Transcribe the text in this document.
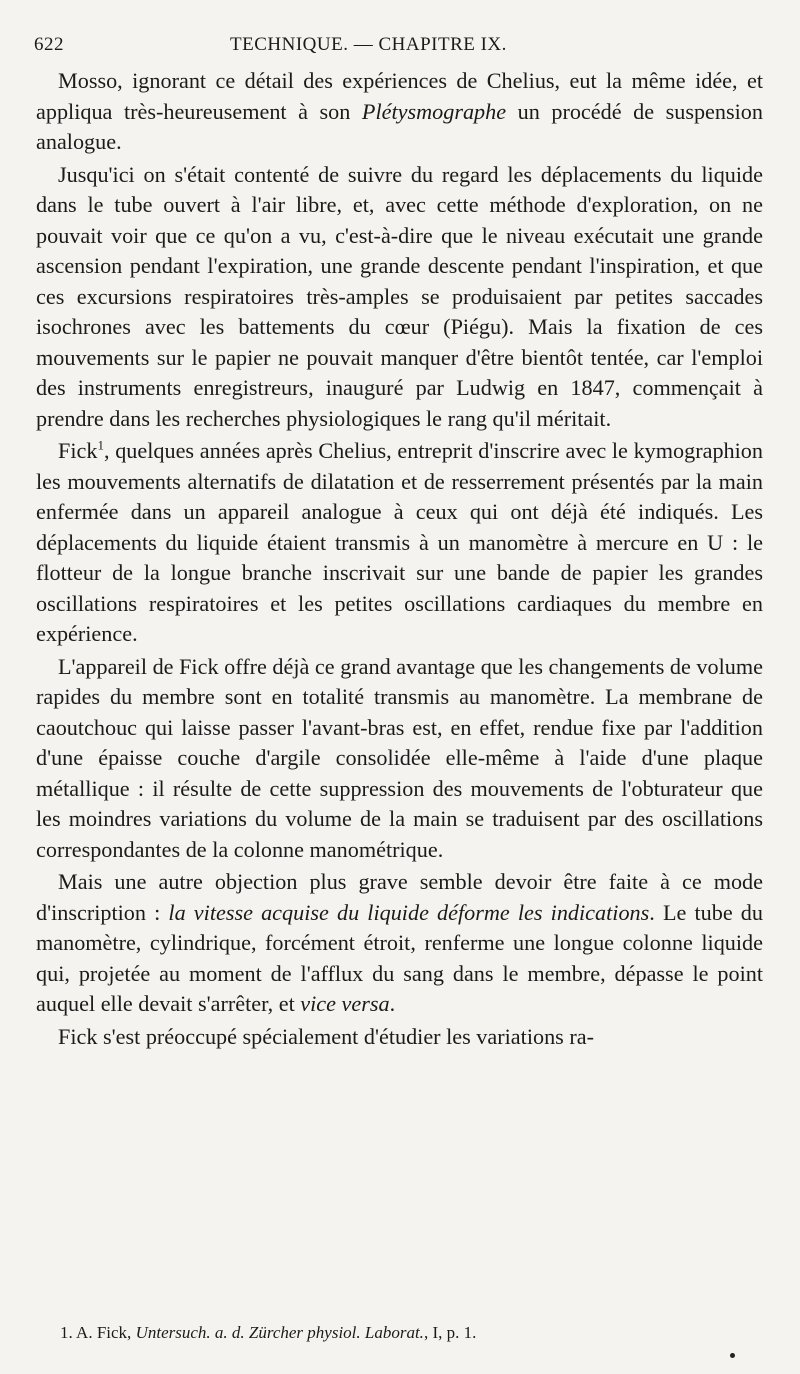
622	TECHNIQUE. — CHAPITRE IX.

Mosso, ignorant ce détail des expériences de Chelius, eut la même idée, et appliqua très-heureusement à son Plétysmographe un procédé de suspension analogue.

Jusqu'ici on s'était contenté de suivre du regard les déplacements du liquide dans le tube ouvert à l'air libre, et, avec cette méthode d'exploration, on ne pouvait voir que ce qu'on a vu, c'est-à-dire que le niveau exécutait une grande ascension pendant l'expiration, une grande descente pendant l'inspiration, et que ces excursions respiratoires très-amples se produisaient par petites saccades isochrones avec les battements du cœur (Piégu). Mais la fixation de ces mouvements sur le papier ne pouvait manquer d'être bientôt tentée, car l'emploi des instruments enregistreurs, inauguré par Ludwig en 1847, commençait à prendre dans les recherches physiologiques le rang qu'il méritait.

Fick$^1$, quelques années après Chelius, entreprit d'inscrire avec le kymographion les mouvements alternatifs de dilatation et de resserrement présentés par la main enfermée dans un appareil analogue à ceux qui ont déjà été indiqués. Les déplacements du liquide étaient transmis à un manomètre à mercure en U : le flotteur de la longue branche inscrivait sur une bande de papier les grandes oscillations respiratoires et les petites oscillations cardiaques du membre en expérience.

L'appareil de Fick offre déjà ce grand avantage que les changements de volume rapides du membre sont en totalité transmis au manomètre. La membrane de caoutchouc qui laisse passer l'avant-bras est, en effet, rendue fixe par l'addition d'une épaisse couche d'argile consolidée elle-même à l'aide d'une plaque métallique : il résulte de cette suppression des mouvements de l'obturateur que les moindres variations du volume de la main se traduisent par des oscillations correspondantes de la colonne manométrique.

Mais une autre objection plus grave semble devoir être faite à ce mode d'inscription : la vitesse acquise du liquide déforme les indications. Le tube du manomètre, cylindrique, forcément étroit, renferme une longue colonne liquide qui, projetée au moment de l'afflux du sang dans le membre, dépasse le point auquel elle devait s'arrêter, et vice versa.

Fick s'est préoccupé spécialement d'étudier les variations ra-

1. A. Fick, Untersuch. a. d. Zürcher physiol. Laborat., I, p. 1.
